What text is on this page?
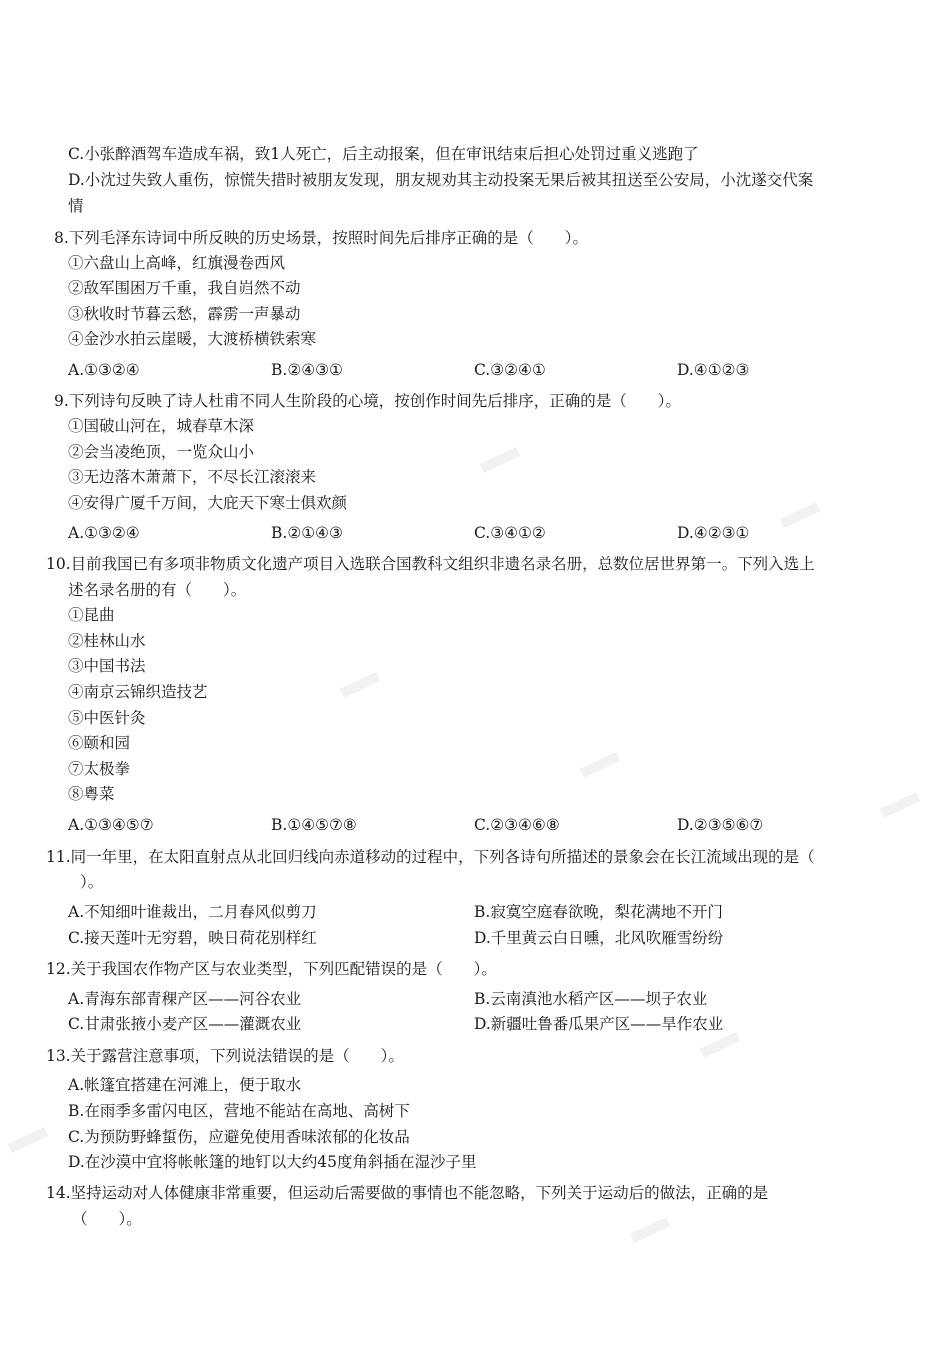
C.小张醉酒驾车造成车祸，致1人死亡，后主动报案，但在审讯结束后担心处罚过重义逃跑了
D.小沈过失致人重伤，惊慌失措时被朋友发现，朋友规劝其主动投案无果后被其扭送至公安局，小沈遂交代案
情
8.下列毛泽东诗词中所反映的历史场景，按照时间先后排序正确的是（　　）。
①六盘山上高峰，红旗漫卷西风
②敌军围困万千重，我自岿然不动
③秋收时节暮云愁，霹雳一声暴动
④金沙水拍云崖暖，大渡桥横铁索寒
A.①③②④	B.②④③①	C.③②④①	D.④①②③
9.下列诗句反映了诗人杜甫不同人生阶段的心境，按创作时间先后排序，正确的是（　　）。
①国破山河在，城春草木深
②会当凌绝顶，一览众山小
③无边落木萧萧下，不尽长江滚滚来
④安得广厦千万间，大庇天下寒士俱欢颜
A.①③②④	B.②①④③	C.③④①②	D.④②③①
10.目前我国已有多项非物质文化遗产项目入选联合国教科文组织非遗名录名册，总数位居世界第一。下列入选上
述名录名册的有（　　）。
①昆曲
②桂林山水
③中国书法
④南京云锦织造技艺
⑤中医针灸
⑥颐和园
⑦太极拳
⑧粤菜
A.①③④⑤⑦	B.①④⑤⑦⑧	C.②③④⑥⑧	D.②③⑤⑥⑦
11.同一年里，在太阳直射点从北回归线向赤道移动的过程中，下列各诗句所描述的景象会在长江流域出现的是（
）。
A.不知细叶谁裁出，二月春风似剪刀	B.寂寞空庭春欲晚，梨花满地不开门
C.接天莲叶无穷碧，映日荷花别样红	D.千里黄云白日曛，北风吹雁雪纷纷
12.关于我国农作物产区与农业类型，下列匹配错误的是（　　）。
A.青海东部青稞产区——河谷农业	B.云南滇池水稻产区——坝子农业
C.甘肃张掖小麦产区——灌溉农业	D.新疆吐鲁番瓜果产区——旱作农业
13.关于露营注意事项，下列说法错误的是（　　）。
A.帐篷宜搭建在河滩上，便于取水
B.在雨季多雷闪电区，营地不能站在高地、高树下
C.为预防野蜂蜇伤，应避免使用香味浓郁的化妆品
D.在沙漠中宜将帐帐篷的地钉以大约45度角斜插在湿沙子里
14.坚持运动对人体健康非常重要，但运动后需要做的事情也不能忽略，下列关于运动后的做法，正确的是
（　　）。
